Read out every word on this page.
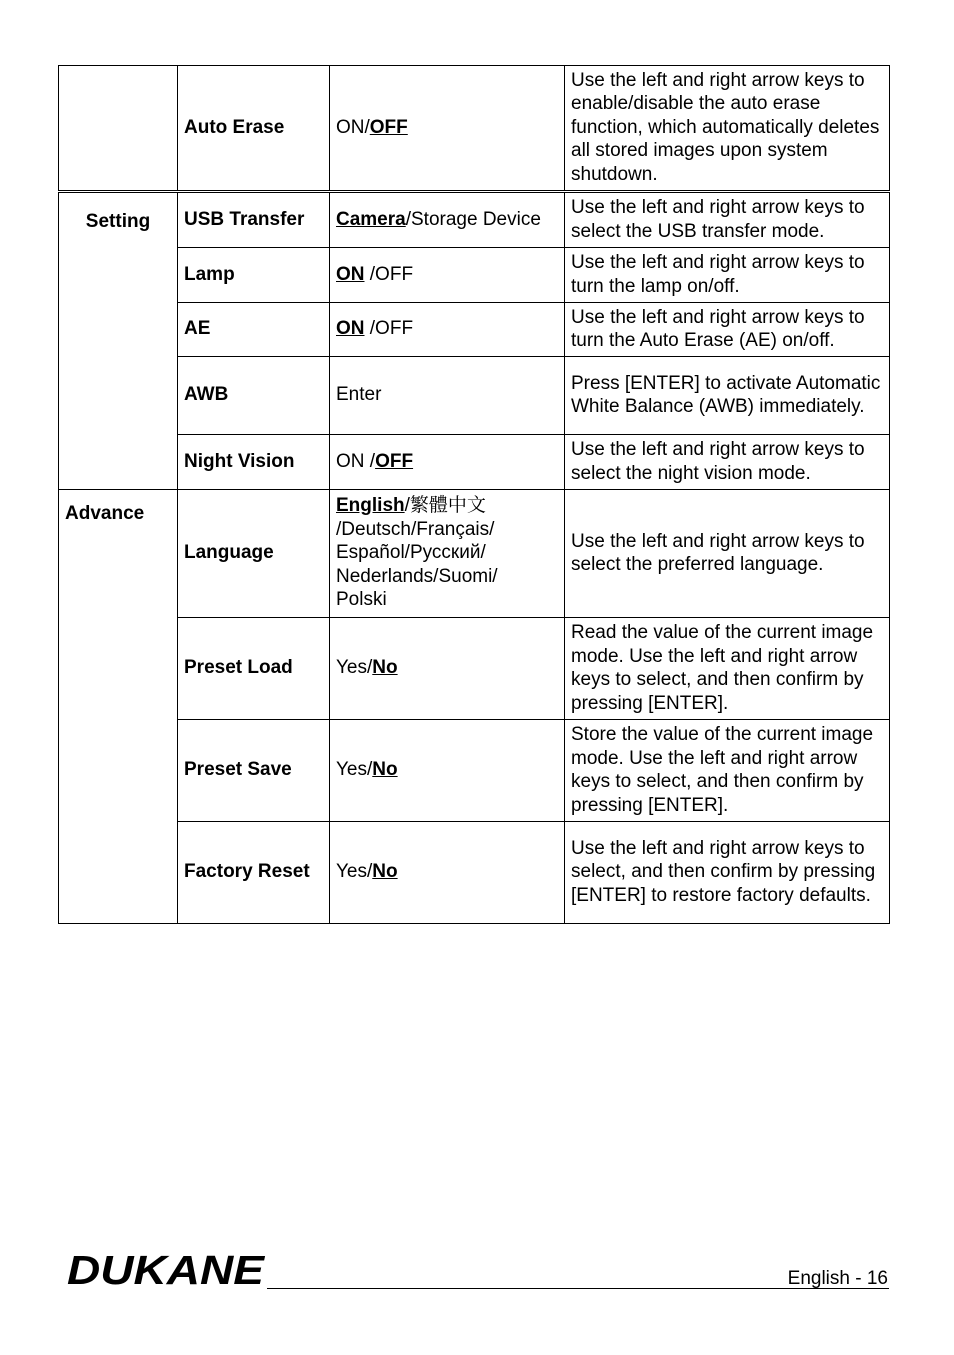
	Auto Erase	ON/OFF	Use the left and right arrow keys to enable/disable the auto erase function, which automatically deletes all stored images upon system shutdown.
Setting	USB Transfer	Camera/Storage Device	Use the left and right arrow keys to select the USB transfer mode.
	Lamp	ON /OFF	Use the left and right arrow keys to turn the lamp on/off.
	AE	ON /OFF	Use the left and right arrow keys to turn the Auto Erase (AE) on/off.
	AWB	Enter	Press [ENTER] to activate Automatic White Balance (AWB) immediately.
	Night Vision	ON /OFF	Use the left and right arrow keys to select the night vision mode.
Advance	Language	English/繁體中文
/Deutsch/Français/
Español/Русский/
Nederlands/Suomi/
Polski	Use the left and right arrow keys to select the preferred language.
	Preset Load	Yes/No	Read the value of the current image mode. Use the left and right arrow keys to select, and then confirm by pressing [ENTER].
	Preset Save	Yes/No	Store the value of the current image mode. Use the left and right arrow keys to select, and then confirm by pressing [ENTER].
	Factory Reset	Yes/No	Use the left and right arrow keys to select, and then confirm by pressing [ENTER] to restore factory defaults.
DUKANE	English - 16
